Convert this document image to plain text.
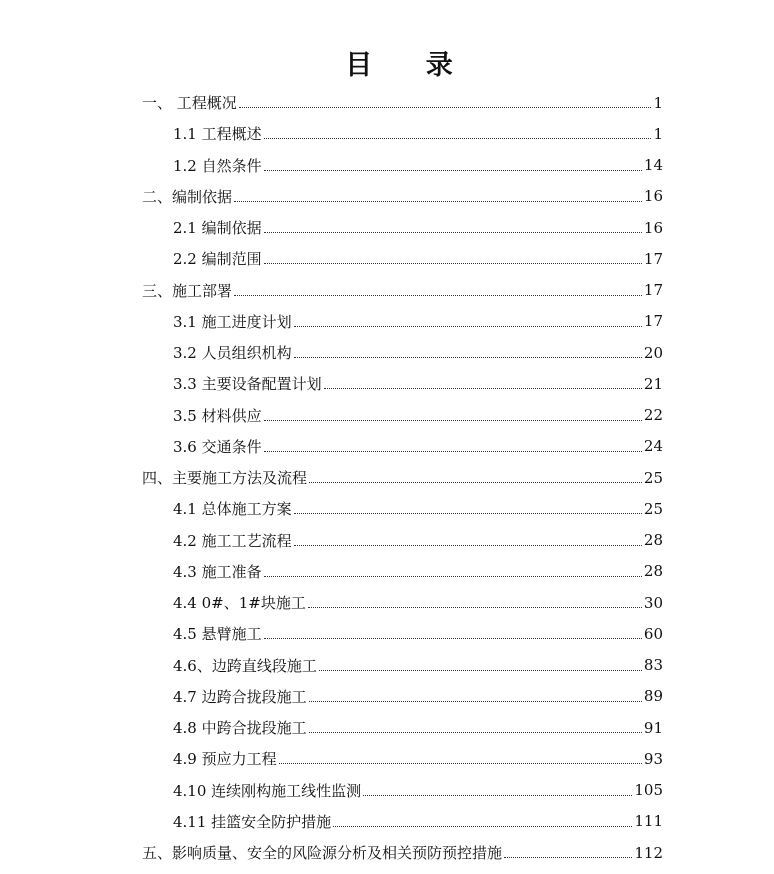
目 录
一、 工程概况	1
1.1 工程概述	1
1.2 自然条件	14
二、编制依据	16
2.1 编制依据	16
2.2 编制范围	17
三、施工部署	17
3.1 施工进度计划	17
3.2 人员组织机构	20
3.3 主要设备配置计划	21
3.5 材料供应	22
3.6 交通条件	24
四、主要施工方法及流程	25
4.1 总体施工方案	25
4.2 施工工艺流程	28
4.3 施工准备	28
4.4 0#、1#块施工	30
4.5 悬臂施工	60
4.6、边跨直线段施工	83
4.7 边跨合拢段施工	89
4.8 中跨合拢段施工	91
4.9 预应力工程	93
4.10 连续刚构施工线性监测	105
4.11 挂篮安全防护措施	111
五、影响质量、安全的风险源分析及相关预防预控措施	112
